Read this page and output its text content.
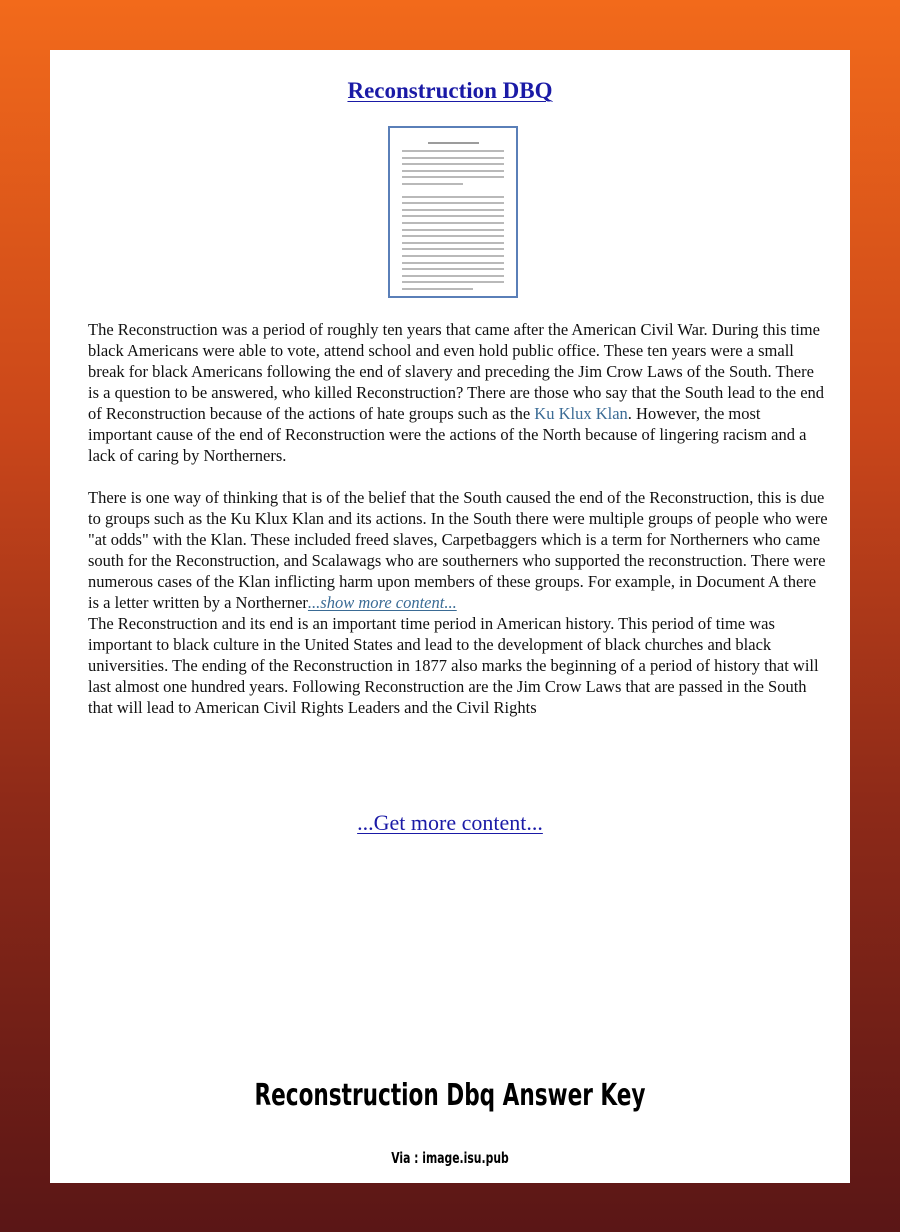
Reconstruction DBQ

The Reconstruction was a period of roughly ten years that came after the American Civil War. During this time black Americans were able to vote, attend school and even hold public office. These ten years were a small break for black Americans following the end of slavery and preceding the Jim Crow Laws of the South. There is a question to be answered, who killed Reconstruction? There are those who say that the South lead to the end of Reconstruction because of the actions of hate groups such as the Ku Klux Klan. However, the most important cause of the end of Reconstruction were the actions of the North because of lingering racism and a lack of caring by Northerners.

There is one way of thinking that is of the belief that the South caused the end of the Reconstruction, this is due to groups such as the Ku Klux Klan and its actions. In the South there were multiple groups of people who were "at odds" with the Klan. These included freed slaves, Carpetbaggers which is a term for Northerners who came south for the Reconstruction, and Scalawags who are southerners who supported the reconstruction. There were numerous cases of the Klan inflicting harm upon members of these groups. For example, in Document A there is a letter written by a Northerner...show more content...

The Reconstruction and its end is an important time period in American history. This period of time was important to black culture in the United States and lead to the development of black churches and black universities. The ending of the Reconstruction in 1877 also marks the beginning of a period of history that will last almost one hundred years. Following Reconstruction are the Jim Crow Laws that are passed in the South that will lead to American Civil Rights Leaders and the Civil Rights

...Get more content...
Reconstruction Dbq Answer Key
Via : image.isu.pub
